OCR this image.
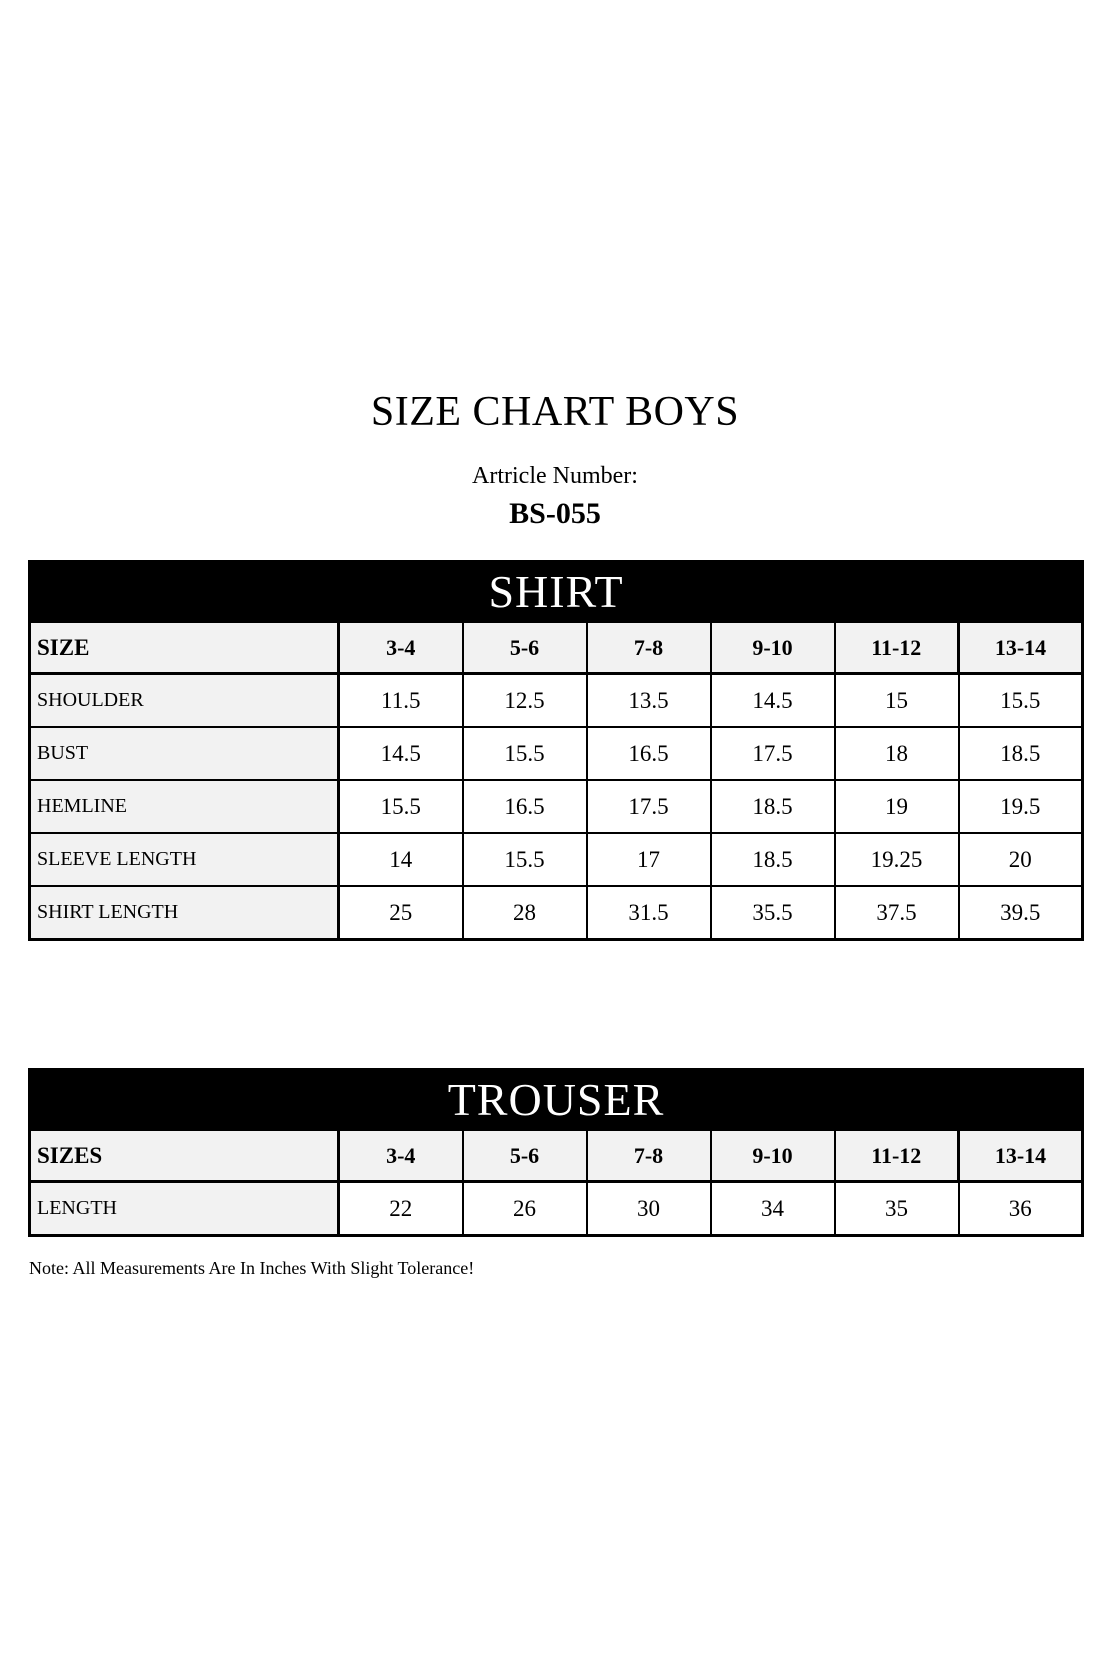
SIZE CHART BOYS
Artricle Number:
BS-055
SHIRT						
SIZE	3-4	5-6	7-8	9-10	11-12	13-14
SHOULDER	11.5	12.5	13.5	14.5	15	15.5
BUST	14.5	15.5	16.5	17.5	18	18.5
HEMLINE	15.5	16.5	17.5	18.5	19	19.5
SLEEVE LENGTH	14	15.5	17	18.5	19.25	20
SHIRT LENGTH	25	28	31.5	35.5	37.5	39.5
TROUSER						
SIZES	3-4	5-6	7-8	9-10	11-12	13-14
LENGTH	22	26	30	34	35	36
Note: All Measurements Are In Inches With Slight Tolerance!
